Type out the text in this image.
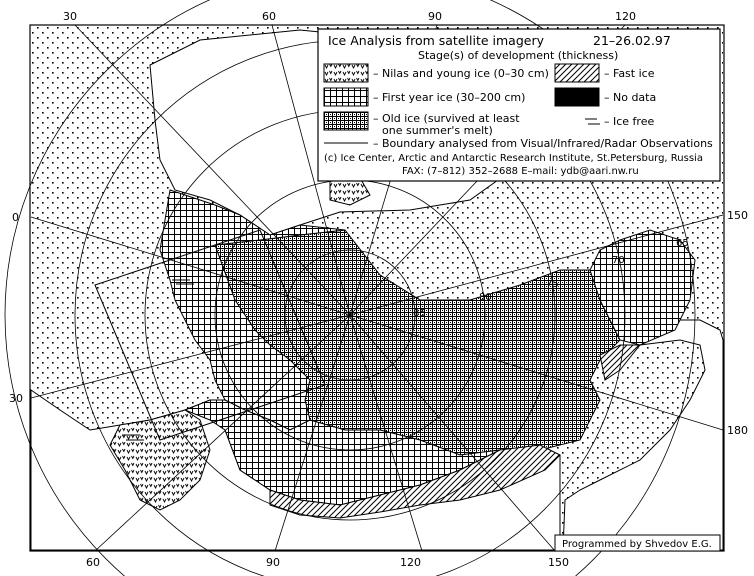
85
80
75
70
65
30	60	90	120
60	90	120	150
0
30
150
180
Ice Analysis from satellite imagery	21–26.02.97
Stage(s) of development (thickness)
– Nilas and young ice (0–30 cm)	– Fast ice
– First year ice (30–200 cm)	– No data
– Old ice (survived at least
one summer's melt)
– Ice free
– Boundary analysed from Visual/Infrared/Radar Observations
(c) Ice Center, Arctic and Antarctic Research Institute, St.Petersburg, Russia
FAX: (7–812) 352–2688 E–mail: ydb@aari.nw.ru
Programmed by Shvedov E.G.
